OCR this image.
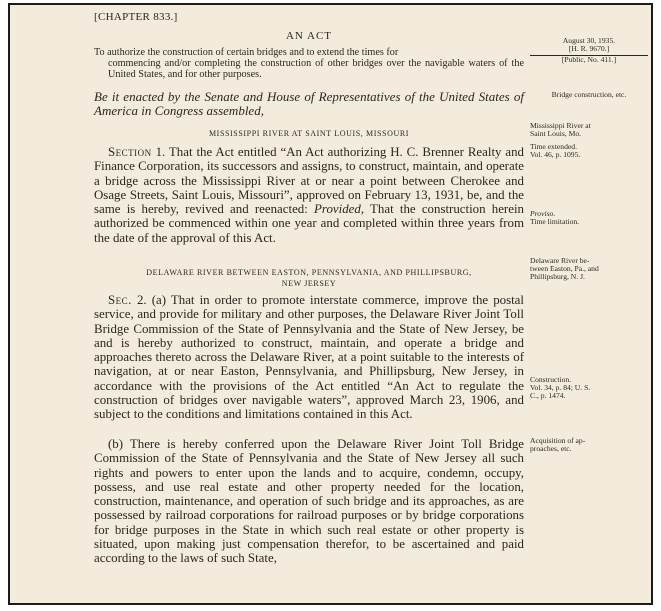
[CHAPTER 833.]
AN ACT
To authorize the construction of certain bridges and to extend the times for
commencing and/or completing the construction of other bridges over the navigable waters of the United States, and for other purposes.
Be it enacted by the Senate and House of Representatives of the United States of America in Congress assembled,
MISSISSIPPI RIVER AT SAINT LOUIS, MISSOURI
Section 1. That the Act entitled “An Act authorizing H. C. Brenner Realty and Finance Corporation, its successors and assigns, to construct, maintain, and operate a bridge across the Mississippi River at or near a point between Cherokee and Osage Streets, Saint Louis, Missouri”, approved on February 13, 1931, be, and the same is hereby, revived and reenacted: Provided, That the construction herein authorized be commenced within one year and completed within three years from the date of the approval of this Act.
DELAWARE RIVER BETWEEN EASTON, PENNSYLVANIA, AND PHILLIPSBURG,
NEW JERSEY
Sec. 2. (a) That in order to promote interstate commerce, improve the postal service, and provide for military and other purposes, the Delaware River Joint Toll Bridge Commission of the State of Pennsylvania and the State of New Jersey, be and is hereby authorized to construct, maintain, and operate a bridge and approaches thereto across the Delaware River, at a point suitable to the interests of navigation, at or near Easton, Pennsylvania, and Phillipsburg, New Jersey, in accordance with the provisions of the Act entitled “An Act to regulate the construction of bridges over navigable waters”, approved March 23, 1906, and subject to the conditions and limitations contained in this Act.
(b) There is hereby conferred upon the Delaware River Joint Toll Bridge Commission of the State of Pennsylvania and the State of New Jersey all such rights and powers to enter upon the lands and to acquire, condemn, occupy, possess, and use real estate and other property needed for the location, construction, maintenance, and operation of such bridge and its approaches, as are possessed by railroad corporations for railroad purposes or by bridge corporations for bridge purposes in the State in which such real estate or other property is situated, upon making just compensation therefor, to be ascertained and paid according to the laws of such State,
August 30, 1935.
[H. R. 9670.]
[Public, No. 411.]
Bridge construction, etc.
Mississippi River at
Saint Louis, Mo.
Time extended.
Vol. 46, p. 1095.
Proviso.
Time limitation.
Delaware River be-
tween Easton, Pa., and
Phillipsburg, N. J.
Construction.
Vol. 34, p. 84; U. S.
C., p. 1474.
Acquisition of ap-
proaches, etc.
